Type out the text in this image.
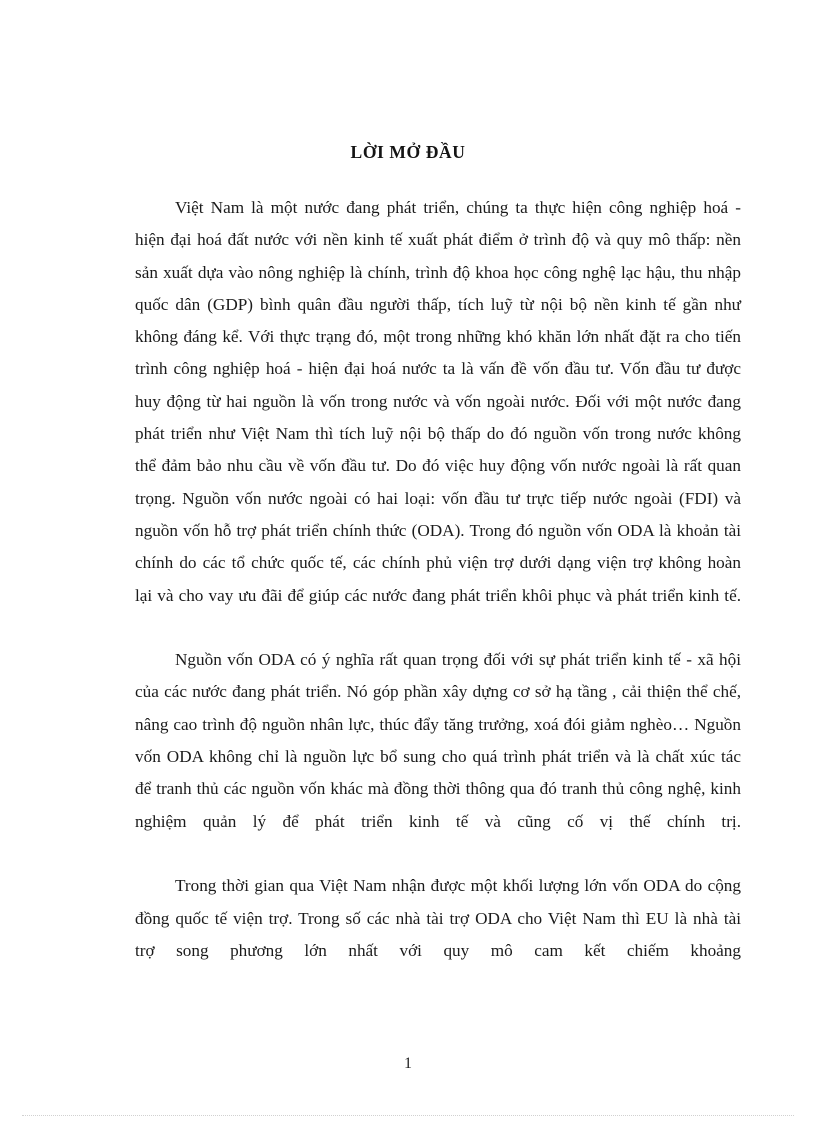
LỜI MỞ ĐẦU

Việt Nam là một nước đang phát triển, chúng ta thực hiện công nghiệp hoá - hiện đại hoá đất nước với nền kinh tế xuất phát điểm ở trình độ và quy mô thấp: nền sản xuất dựa vào nông nghiệp là chính, trình độ khoa học công nghệ lạc hậu, thu nhập quốc dân (GDP) bình quân đầu người thấp, tích luỹ từ nội bộ nền kinh tế gần như không đáng kể. Với thực trạng đó, một trong những khó khăn lớn nhất đặt ra cho tiến trình công nghiệp hoá - hiện đại hoá nước ta là vấn đề vốn đầu tư. Vốn đầu tư được huy động từ hai nguồn là vốn trong nước và vốn ngoài nước. Đối với một nước đang phát triển như Việt Nam thì tích luỹ nội bộ thấp do đó nguồn vốn trong nước không thể đảm bảo nhu cầu về vốn đầu tư. Do đó việc huy động vốn nước ngoài là rất quan trọng. Nguồn vốn nước ngoài có hai loại: vốn đầu tư trực tiếp nước ngoài (FDI) và nguồn vốn hỗ trợ phát triển chính thức (ODA). Trong đó nguồn vốn ODA là khoản tài chính do các tổ chức quốc tế, các chính phủ viện trợ dưới dạng viện trợ không hoàn lại và cho vay ưu đãi để giúp các nước đang phát triển khôi phục và phát triển kinh tế.

Nguồn vốn ODA có ý nghĩa rất quan trọng đối với sự phát triển kinh tế - xã hội của các nước đang phát triển. Nó góp phần xây dựng cơ sở hạ tầng , cải thiện thể chế, nâng cao trình độ nguồn nhân lực, thúc đẩy tăng trưởng, xoá đói giảm nghèo… Nguồn vốn ODA không chỉ là nguồn lực bổ sung cho quá trình phát triển và là chất xúc tác để tranh thủ các nguồn vốn khác mà đồng thời thông qua đó tranh thủ công nghệ, kinh nghiệm quản lý để phát triển kinh tế và cũng cố vị thế chính trị.

Trong thời gian qua Việt Nam nhận được một khối lượng lớn vốn ODA do cộng đồng quốc tế viện trợ. Trong số các nhà tài trợ ODA cho Việt Nam thì EU là nhà tài trợ song phương lớn nhất với quy mô cam kết chiếm khoảng

1
